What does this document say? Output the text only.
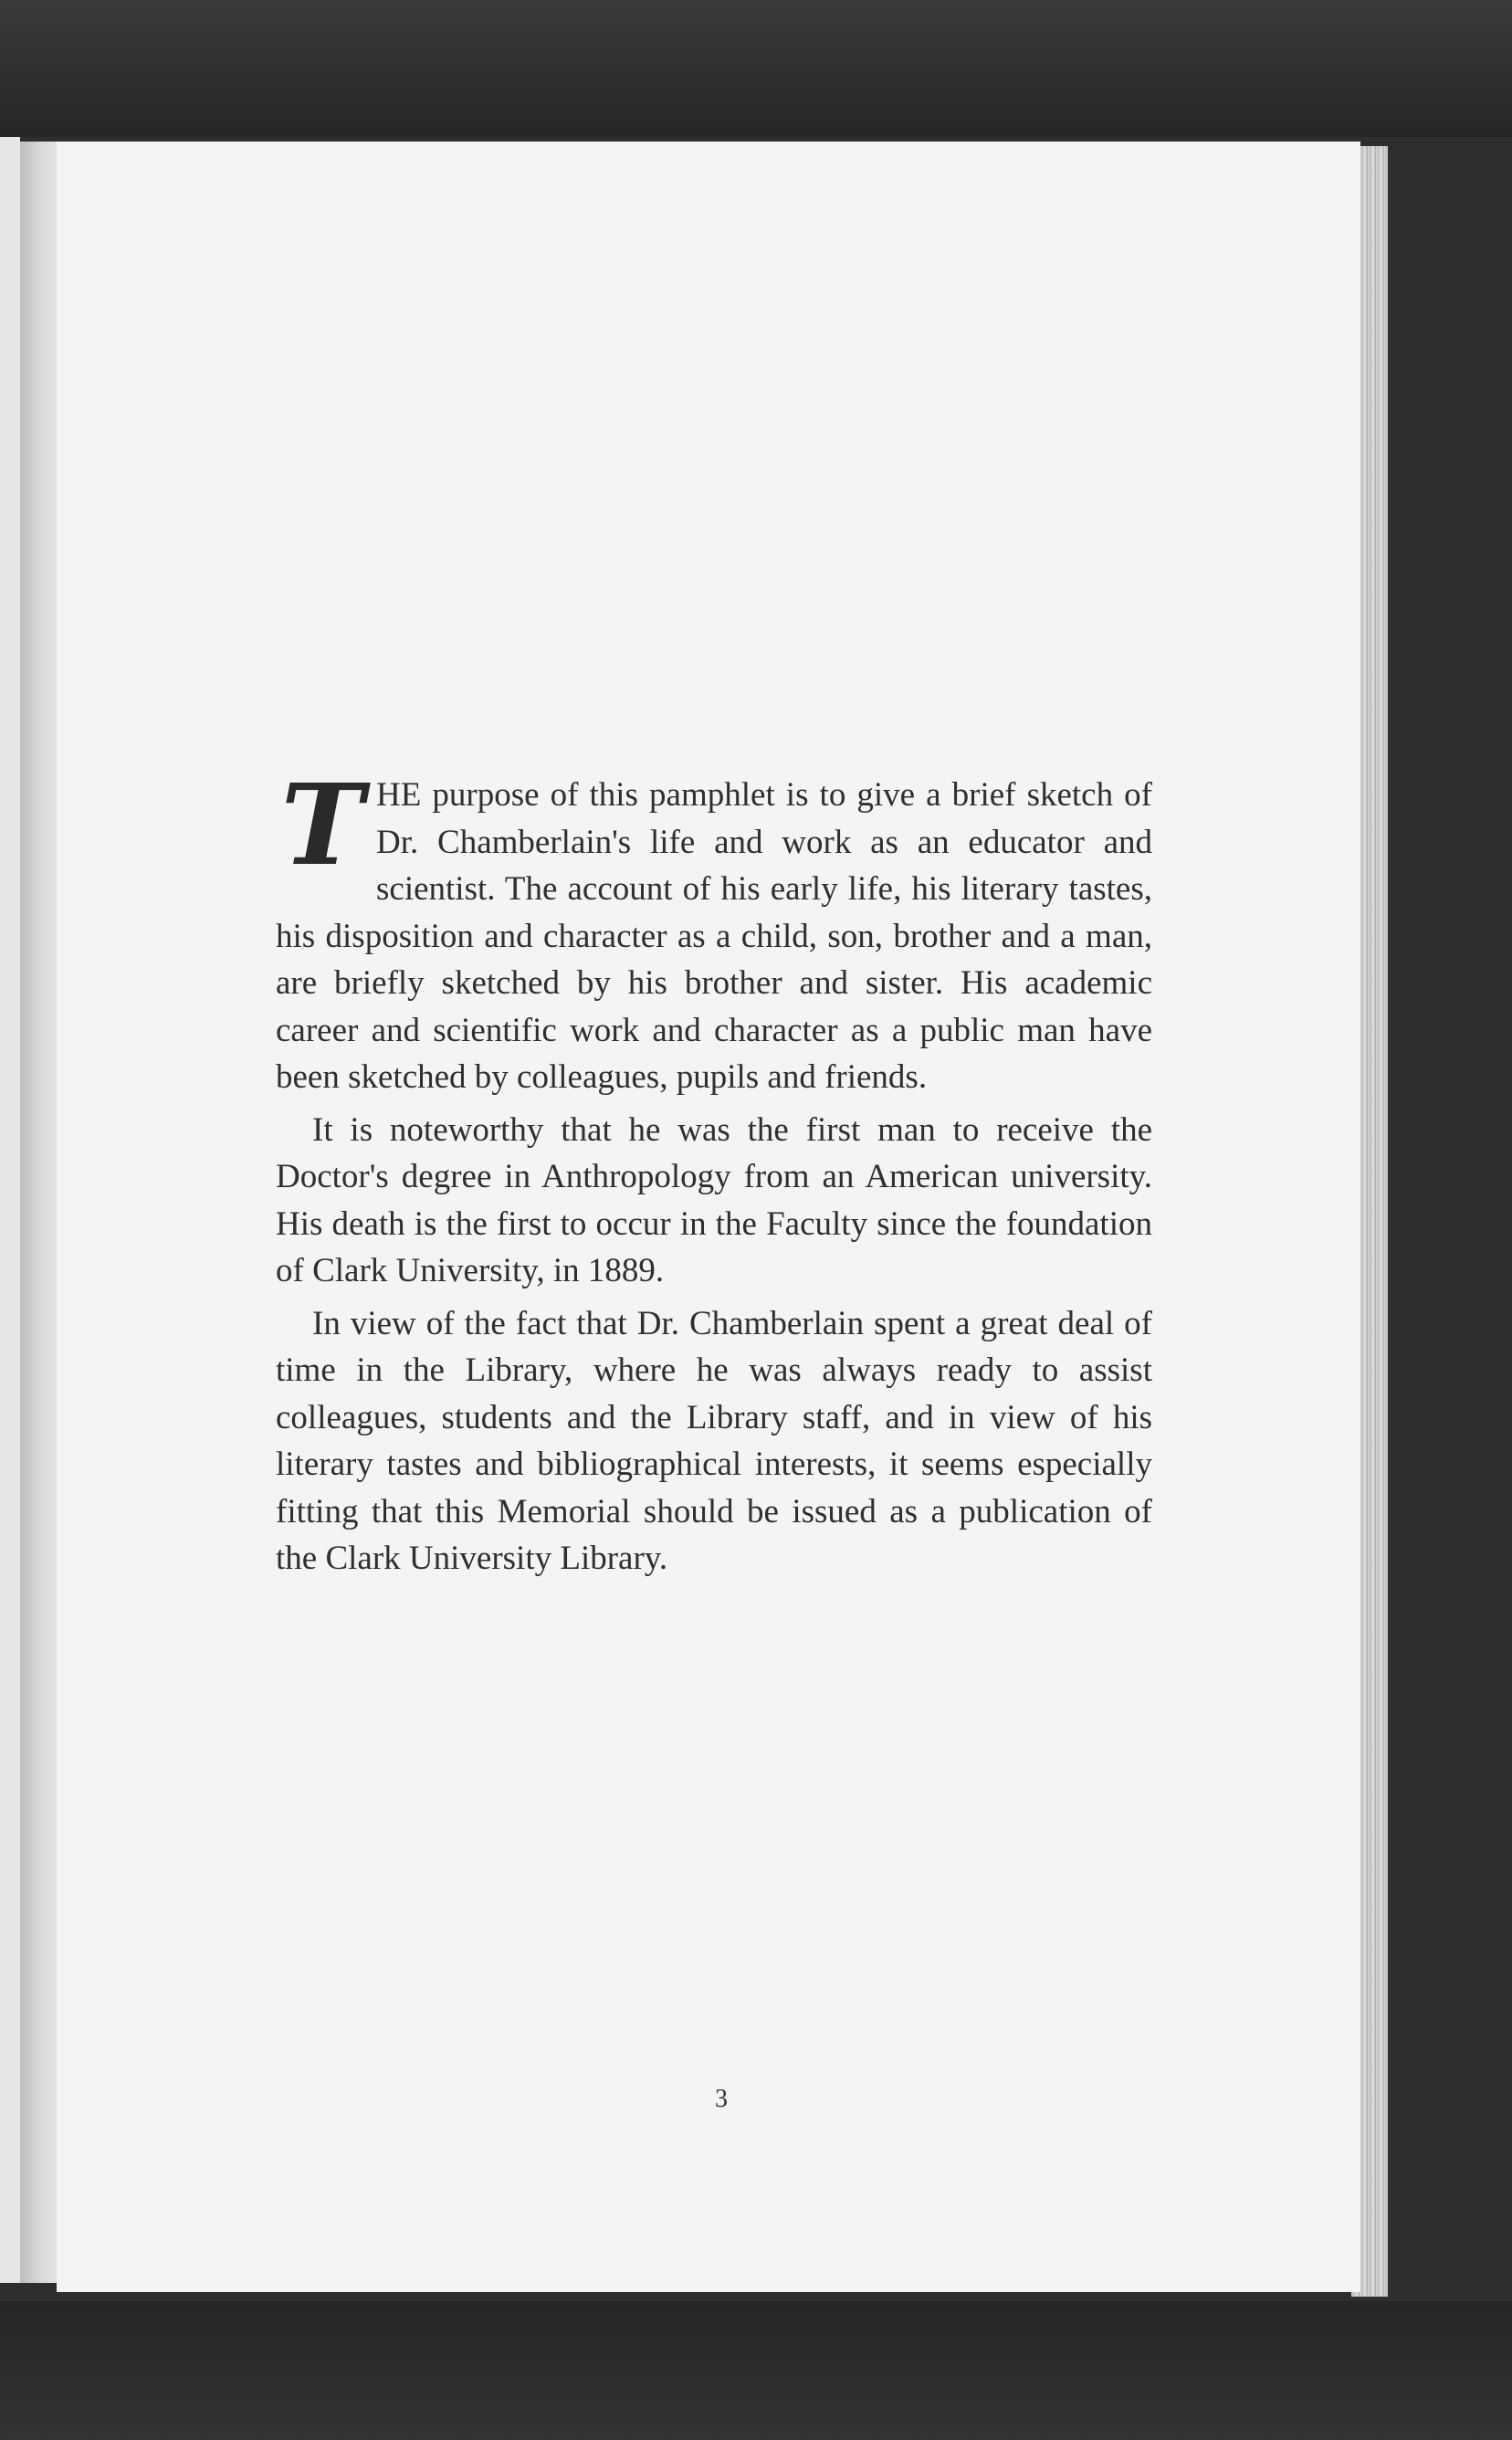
THE purpose of this pamphlet is to give a brief sketch of Dr. Chamberlain's life and work as an educator and scientist. The account of his early life, his literary tastes, his disposition and character as a child, son, brother and a man, are briefly sketched by his brother and sister. His academic career and scientific work and character as a public man have been sketched by colleagues, pupils and friends.

It is noteworthy that he was the first man to receive the Doctor's degree in Anthropology from an American university. His death is the first to occur in the Faculty since the foundation of Clark University, in 1889.

In view of the fact that Dr. Chamberlain spent a great deal of time in the Library, where he was always ready to assist colleagues, students and the Library staff, and in view of his literary tastes and bibliographical interests, it seems especially fitting that this Memorial should be issued as a publication of the Clark University Library.

3
